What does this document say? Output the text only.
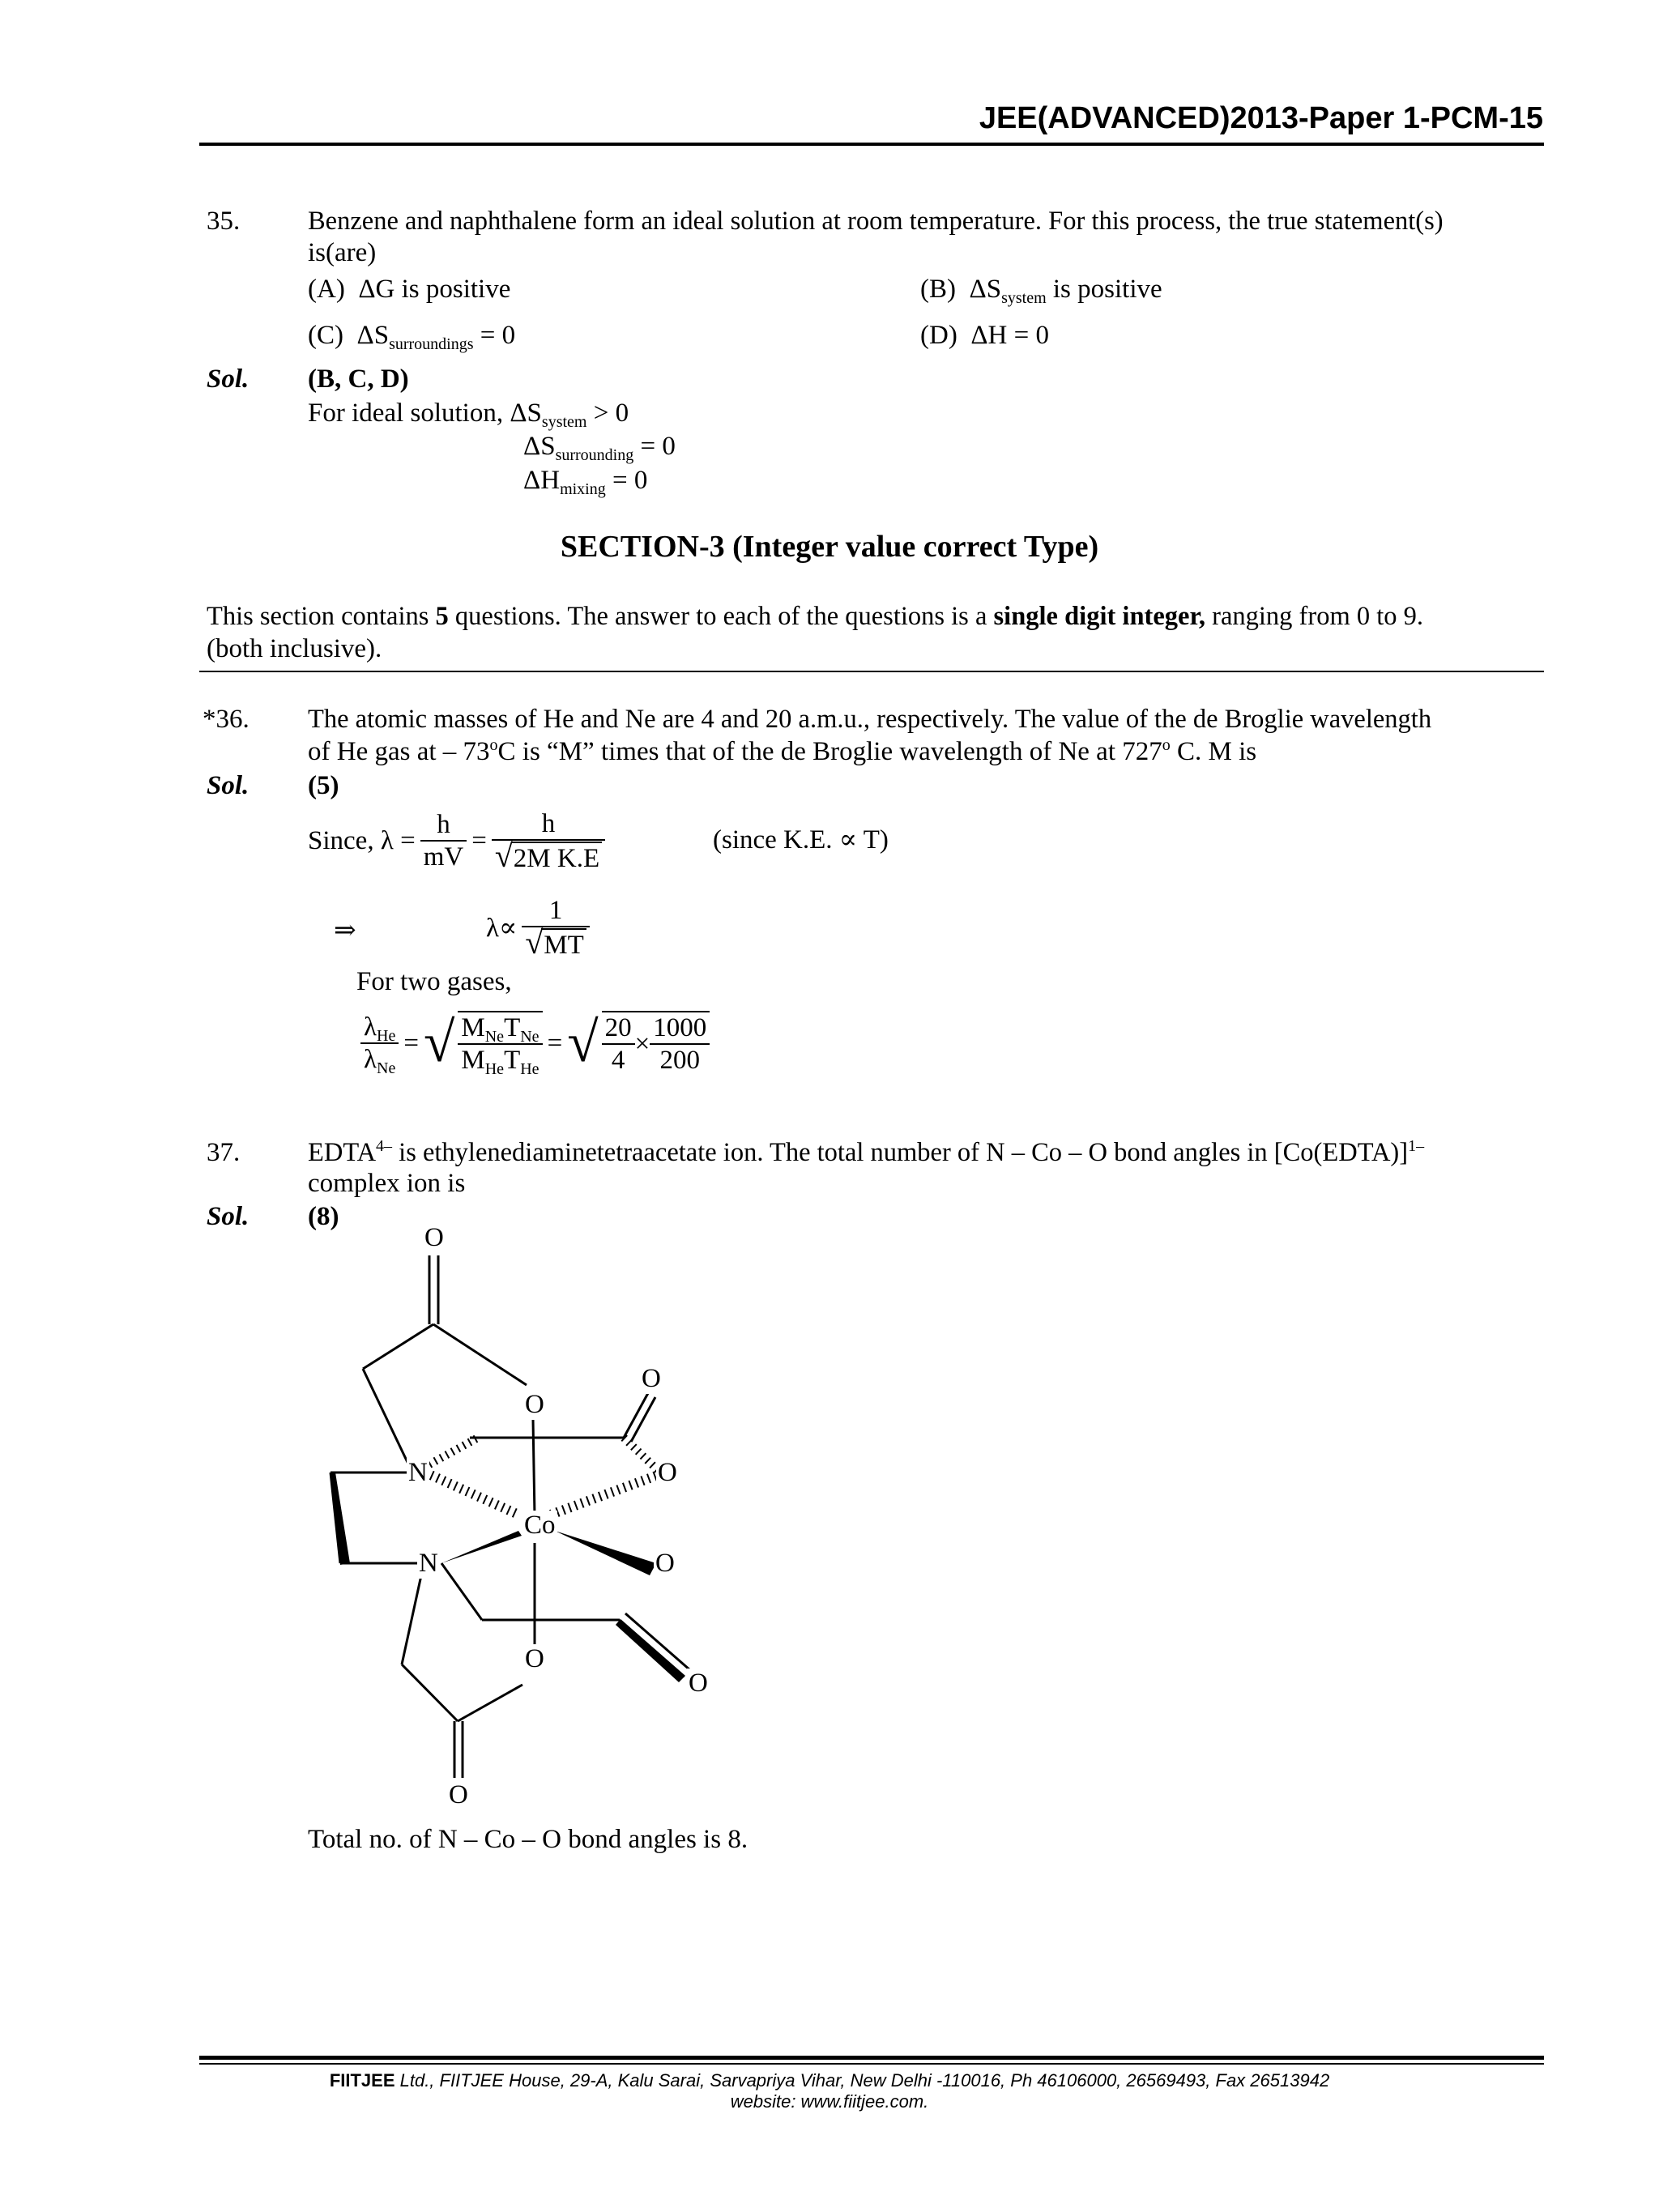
JEE(ADVANCED)2013-Paper 1-PCM-15
35.	Benzene and naphthalene form an ideal solution at room temperature. For this process, the true statement(s)
is(are)
(A) ΔG is positive	(B) $\Delta S_{system}$ is positive
(C) $\Delta S_{surroundings} = 0$	(D) ΔH = 0
Sol. (B, C, D)
For ideal solution, $\Delta S_{system} > 0$
$\Delta S_{surrounding} = 0$
$\Delta H_{mixing} = 0$
SECTION-3 (Integer value correct Type)
This section contains 5 questions. The answer to each of the questions is a single digit integer, ranging from 0 to 9.
(both inclusive).
*36. The atomic masses of He and Ne are 4 and 20 a.m.u., respectively. The value of the de Broglie wavelength
of He gas at – 73$^o$C is “M” times that of the de Broglie wavelength of Ne at 727$^o$ C. M is
Sol. (5)
Since, $\lambda = \frac{h}{mV} = \frac{h}{\text{√2M K.E}}$	(since K.E. ∝ T)
⇒	$\lambda\propto \frac{1}{√MT}$
For two gases,
$\frac{\lambda_{He}}{\lambda_{Ne}}$ = √ $\frac{M_{Ne}T_{Ne}}{M_{He}T_{He}}$ = √ $\frac{20}{4} \times \frac{1000}{200}$
37.	$EDTA^{4-}$ is ethylenediaminetetraacetate ion. The total number of N – Co – O bond angles in [Co(EDTA)]$^{1-}$
complex ion is
Sol. (8)
O
O
O
N	O
Co
N	O
O
O
O
Total no. of N – Co – O bond angles is 8.
FIITJEE Ltd., FIITJEE House, 29-A, Kalu Sarai, Sarvapriya Vihar, New Delhi -110016, Ph 46106000, 26569493, Fax 26513942
website: www.fiitjee.com.
